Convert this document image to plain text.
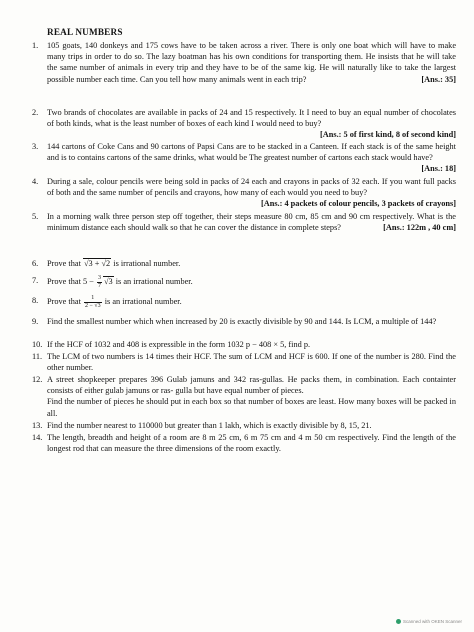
REAL NUMBERS
1.	105 goats, 140 donkeys and 175 cows have to be taken across a river. There is only one boat which will have to make many trips in order to do so. The lazy boatman has his own conditions for transporting them. He insists that he will take the same number of animals in every trip and they have to be of the same kig. He will naturally like to take the largest possible number each time. Can you tell how many animals went in each trip?	[Ans.: 35]
2.	Two brands of chocolates are available in packs of 24 and 15 respectively. It I need to buy an equal number of chocolates of both kinds, what is the least number of boxes of each kind I would need to buy?
[Ans.: 5 of first kind, 8 of second kind]
3.	144 cartons of Coke Cans and 90 cartons of Papsi Cans are to be stacked in a Canteen. If each stack is of the same height and is to contains cartons of the same drinks, what would be The greatest number of cartons each stack would have?
[Ans.: 18]
4.	During a sale, colour pencils were being sold in packs of 24 each and crayons in packs of 32 each. If you want full packs of both and the same number of pencils and crayons, how many of each would you need to buy?
[Ans.: 4 packets of colour pencils, 3 packets of crayons]
5.	In a morning walk three person step off together, their steps measure 80 cm, 85 cm and 90 cm respectively. What is the minimum distance each should walk so that he can cover the distance in complete steps?	[Ans.: 122m , 40 cm]
6.	Prove that √3 + √2 is irrational number.
7.	Prove that $5 - \frac{3}{7} √3$ is an irrational number.
8.	Prove that $\frac{1}{2 - √3}$ is an irrational number.
9.	Find the smallest number which when increased by 20 is exactly divisible by 90 and 144. Is LCM, a multiple of 144?
10. If the HCF of 1032 and 408 is expressible in the form 1032 p − 408 × 5, find p.
11. The LCM of two numbers is 14 times their HCF. The sum of LCM and HCF is 600. If one of the number is 280. Find the other number.
12. A street shopkeeper prepares 396 Gulab jamuns and 342 ras-gullas. He packs them, in combination. Each containter consists of either gulab jamuns or ras- gulla but have equal number of pieces.
Find the number of pieces he should put in each box so that number of boxes are least. How many boxes will be packed in all.
13. Find the number nearest to 110000 but greater than 1 lakh, which is exactly divisible by 8, 15, 21.
14. The length, breadth and height of a room are 8 m 25 cm, 6 m 75 cm and 4 m 50 cm respectively. Find the length of the longest rod that can measure the three dimensions of the room exactly.
Scanned with OKEN Scanner
